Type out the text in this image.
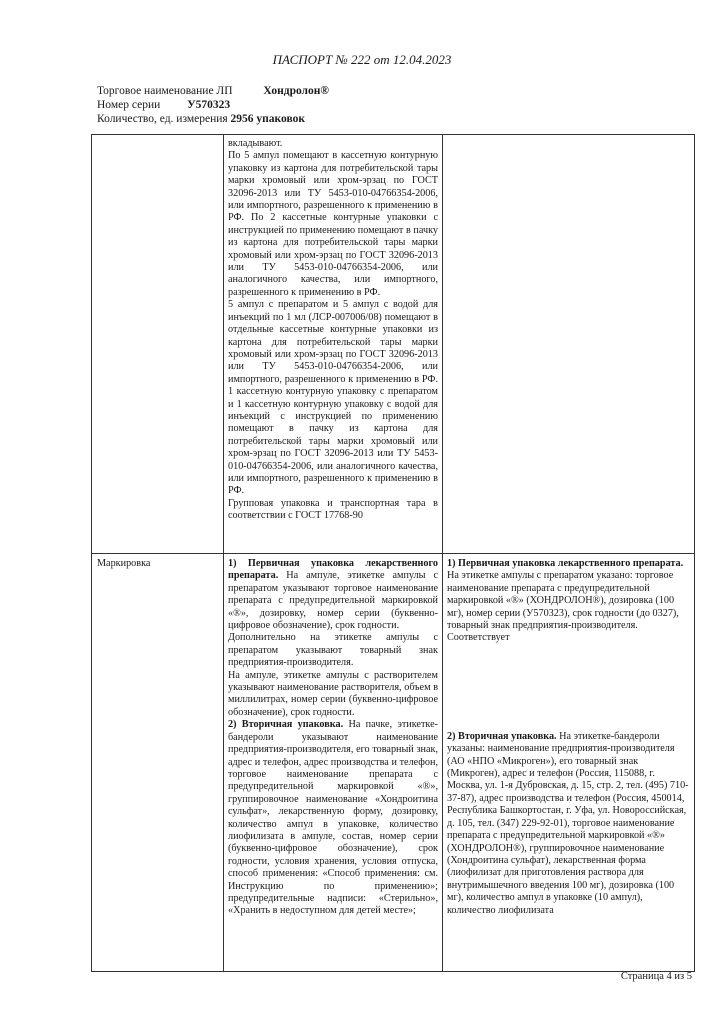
ПАСПОРТ № 222 от 12.04.2023
Торговое наименование ЛП	Хондролон®
Номер серии У570323
Количество, ед. измерения 2956 упаковок
вкладывают.
По 5 ампул помещают в кассетную контурную упаковку из картона для потребительской тары марки хромовый или хром-эрзац по ГОСТ 32096-2013 или ТУ 5453-010-04766354-2006, или импортного, разрешенного к применению в РФ. По 2 кассетные контурные упаковки с инструкцией по применению помещают в пачку из картона для потребительской тары марки хромовый или хром-эрзац по ГОСТ 32096-2013 или ТУ 5453-010-04766354-2006, или аналогичного качества, или импортного, разрешенного к применению в РФ.
5 ампул с препаратом и 5 ампул с водой для инъекций по 1 мл (ЛСР-007006/08) помещают в отдельные кассетные контурные упаковки из картона для потребительской тары марки хромовый или хром-эрзац по ГОСТ 32096-2013 или ТУ 5453-010-04766354-2006, или импортного, разрешенного к применению в РФ. 1 кассетную контурную упаковку с препаратом и 1 кассетную контурную упаковку с водой для инъекций с инструкцией по применению помещают в пачку из картона для потребительской тары марки хромовый или хром-эрзац по ГОСТ 32096-2013 или ТУ 5453-010-04766354-2006, или аналогичного качества, или импортного, разрешенного к применению в РФ.
Групповая упаковка и транспортная тара в соответствии с ГОСТ 17768-90
1) Первичная упаковка лекарственного препарата. На ампуле, этикетке ампулы с препаратом указывают торговое наименование препарата с предупредительной маркировкой «®», дозировку, номер серии (буквенно-цифровое обозначение), срок годности.
Дополнительно на этикетке ампулы с препаратом указывают товарный знак предприятия-производителя.
На ампуле, этикетке ампулы с растворителем указывают наименование растворителя, объем в миллилитрах, номер серии (буквенно-цифровое обозначение), срок годности.
2) Вторичная упаковка. На пачке, этикетке-бандероли указывают наименование предприятия-производителя, его товарный знак, адрес и телефон, адрес производства и телефон, торговое наименование препарата с предупредительной маркировкой «®», группировочное наименование «Хондроитина сульфат», лекарственную форму, дозировку, количество ампул в упаковке, количество лиофилизата в ампуле, состав, номер серии (буквенно-цифровое обозначение), срок годности, условия хранения, условия отпуска, способ применения: «Способ применения: см. Инструкцию по применению»; предупредительные надписи: «Стерильно», «Хранить в недоступном для детей месте»;
1) Первичная упаковка лекарственного препарата. На этикетке ампулы с препаратом указано: торговое наименование препарата с предупредительной маркировкой «®» (ХОНДРОЛОН®), дозировка (100 мг), номер серии (У570323), срок годности (до 0327), товарный знак предприятия-производителя.
Соответствует
2) Вторичная упаковка. На этикетке-бандероли указаны: наименование предприятия-производителя (АО «НПО «Микроген»), его товарный знак (Микроген), адрес и телефон (Россия, 115088, г. Москва, ул. 1-я Дубровская, д. 15, стр. 2, тел. (495) 710-37-87), адрес производства и телефон (Россия, 450014, Республика Башкортостан, г. Уфа, ул. Новороссийская, д. 105, тел. (347) 229-92-01), торговое наименование препарата с предупредительной маркировкой «®» (ХОНДРОЛОН®), группировочное наименование (Хондроитина сульфат), лекарственная форма (лиофилизат для приготовления раствора для внутримышечного введения 100 мг), дозировка (100 мг), количество ампул в упаковке (10 ампул), количество лиофилизата
Маркировка
Страница 4 из 5
